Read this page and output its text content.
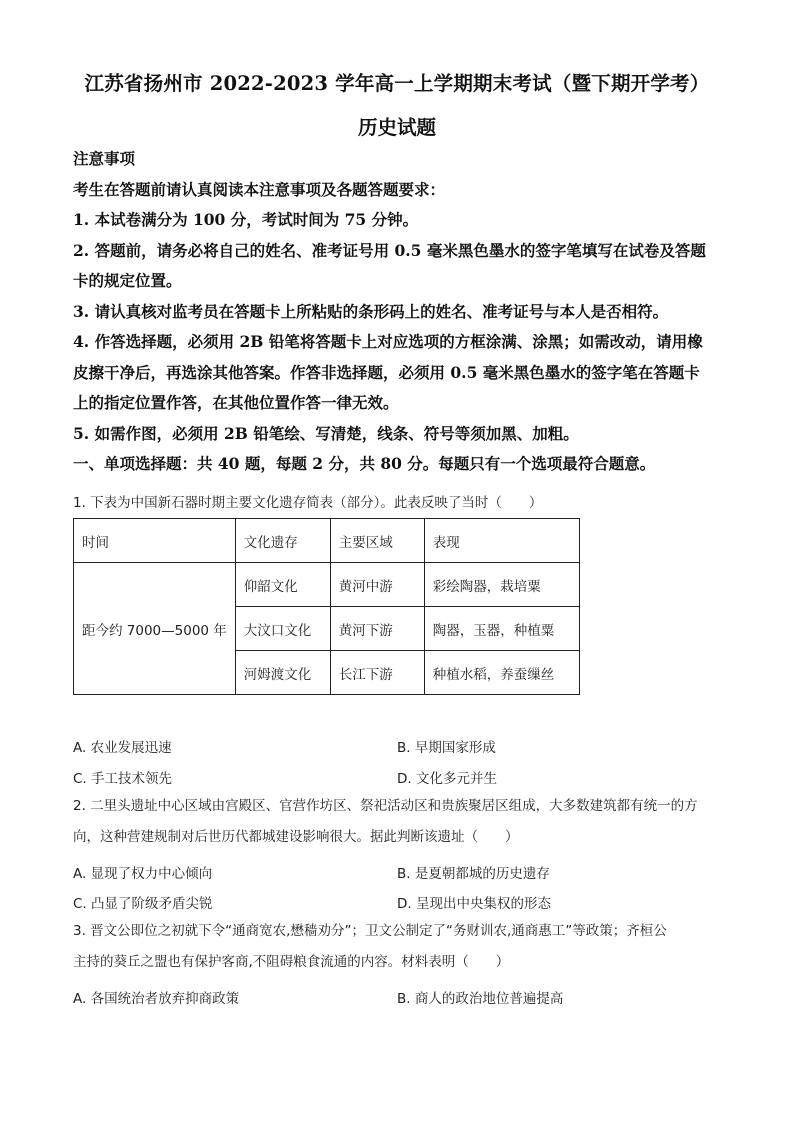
江苏省扬州市 2022-2023 学年高一上学期期末考试（暨下期开学考）
历史试题

注意事项

考生在答题前请认真阅读本注意事项及各题答题要求：

1. 本试卷满分为 100 分，考试时间为 75 分钟。

2. 答题前，请务必将自己的姓名、准考证号用 0.5 毫米黑色墨水的签字笔填写在试卷及答题

卡的规定位置。

3. 请认真核对监考员在答题卡上所粘贴的条形码上的姓名、准考证号与本人是否相符。

4. 作答选择题，必须用 2B 铅笔将答题卡上对应选项的方框涂满、涂黑；如需改动，请用橡

皮擦干净后，再选涂其他答案。作答非选择题，必须用 0.5 毫米黑色墨水的签字笔在答题卡

上的指定位置作答，在其他位置作答一律无效。

5. 如需作图，必须用 2B 铅笔绘、写清楚，线条、符号等须加黑、加粗。

一、单项选择题：共 40 题，每题 2 分，共 80 分。每题只有一个选项最符合题意。

1. 下表为中国新石器时期主要文化遗存简表（部分）。此表反映了当时（　　）

时间	文化遗存	主要区域	表现
距今约 7000—5000 年	仰韶文化	黄河中游	彩绘陶器，栽培粟
	大汶口文化	黄河下游	陶器，玉器，种植粟
	河姆渡文化	长江下游	种植水稻，养蚕缫丝
A. 农业发展迅速	B. 早期国家形成
C. 手工技术领先	D. 文化多元并生

2. 二里头遗址中心区域由宫殿区、官营作坊区、祭祀活动区和贵族聚居区组成，大多数建筑都有统一的方

向，这种营建规制对后世历代都城建设影响很大。据此判断该遗址（　　）

A. 显现了权力中心倾向	B. 是夏朝都城的历史遗存
C. 凸显了阶级矛盾尖锐	D. 呈现出中央集权的形态

3. 晋文公即位之初就下令“通商宽农,懋穑劝分”；卫文公制定了“务财训农,通商惠工”等政策；齐桓公

主持的葵丘之盟也有保护客商,不阻碍粮食流通的内容。材料表明（　　）

A. 各国统治者放弃抑商政策	B. 商人的政治地位普遍提高
